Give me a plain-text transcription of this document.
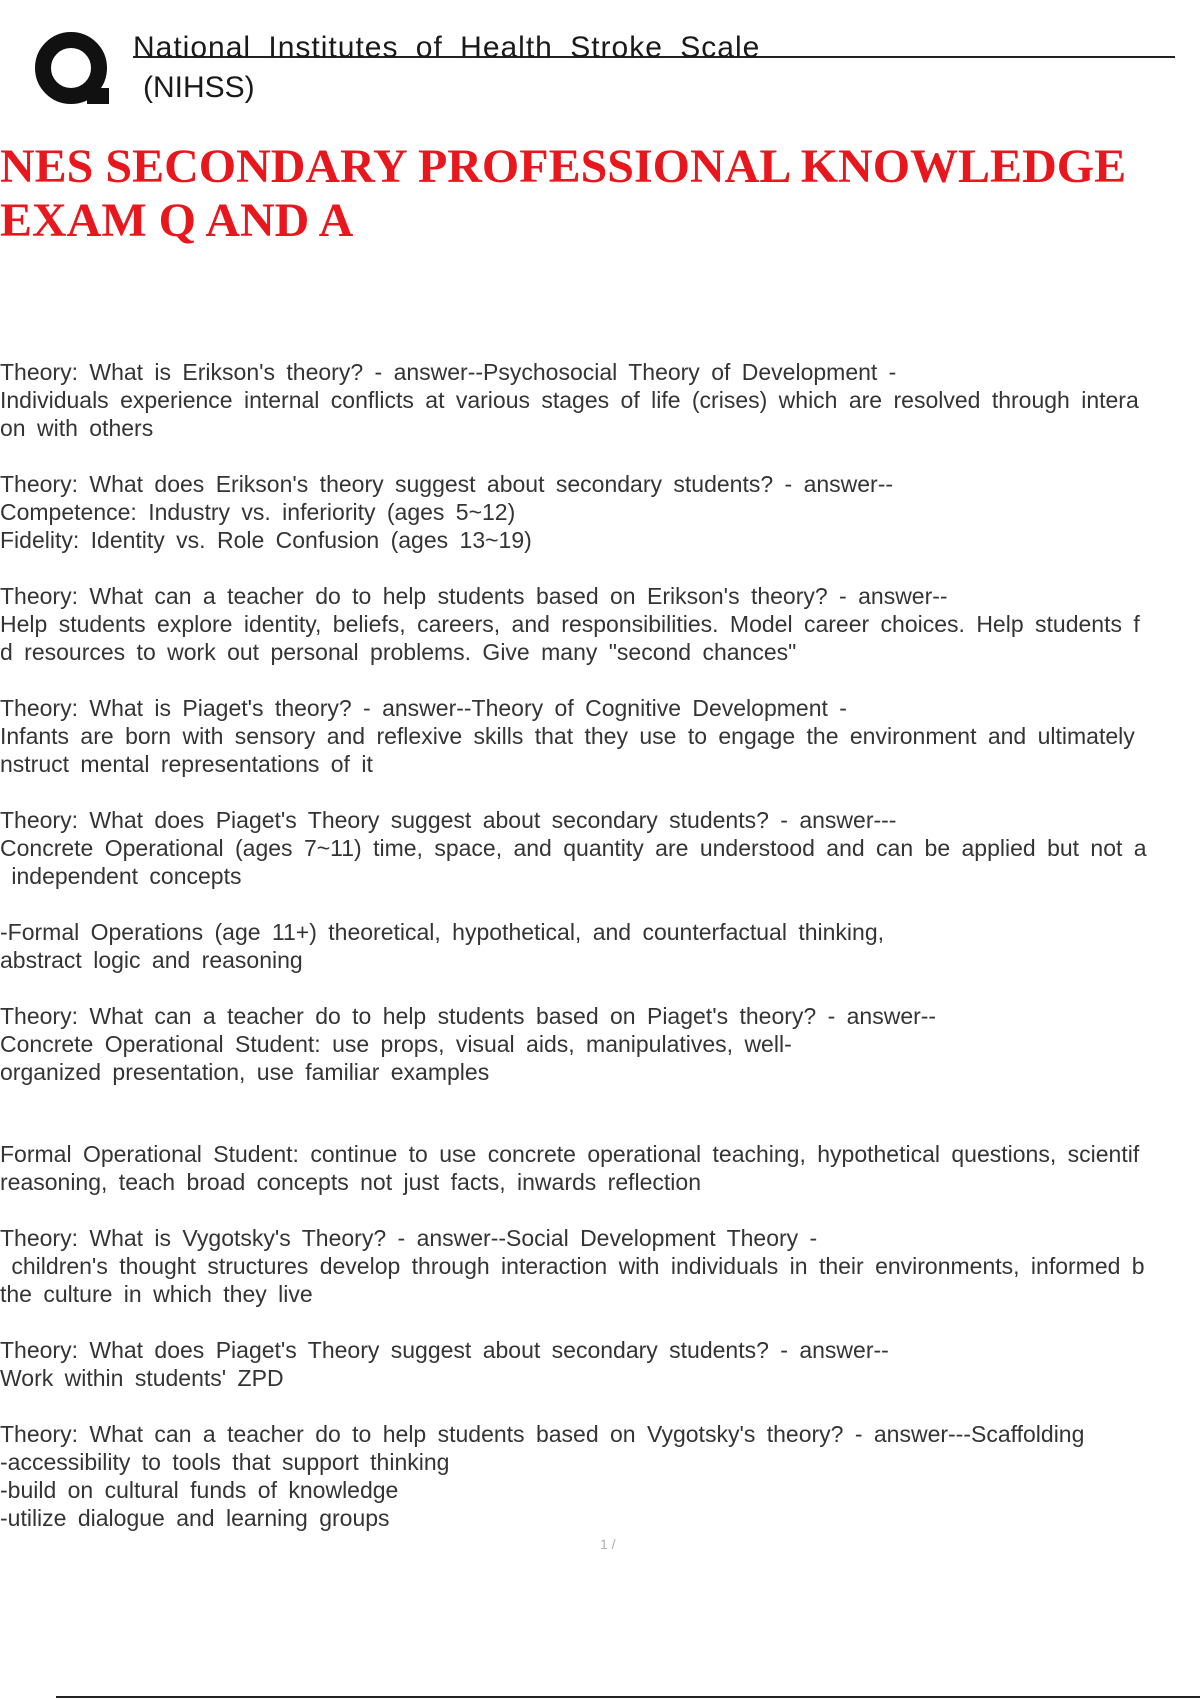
National Institutes of Health Stroke Scale

(NIHSS)

NES SECONDARY PROFESSIONAL KNOWLEDGE
EXAM Q AND A

Theory: What is Erikson's theory? - answer--Psychosocial Theory of Development -
Individuals experience internal conflicts at various stages of life (crises) which are resolved through intera
on with others

Theory: What does Erikson's theory suggest about secondary students? - answer--
Competence: Industry vs. inferiority (ages 5~12)
Fidelity: Identity vs. Role Confusion (ages 13~19)

Theory: What can a teacher do to help students based on Erikson's theory? - answer--
Help students explore identity, beliefs, careers, and responsibilities. Model career choices. Help students f
d resources to work out personal problems. Give many "second chances"

Theory: What is Piaget's theory? - answer--Theory of Cognitive Development -
Infants are born with sensory and reflexive skills that they use to engage the environment and ultimately
nstruct mental representations of it

Theory: What does Piaget's Theory suggest about secondary students? - answer---
Concrete Operational (ages 7~11) time, space, and quantity are understood and can be applied but not a
independent concepts

-Formal Operations (age 11+) theoretical, hypothetical, and counterfactual thinking,
abstract logic and reasoning

Theory: What can a teacher do to help students based on Piaget's theory? - answer--
Concrete Operational Student: use props, visual aids, manipulatives, well-
organized presentation, use familiar examples

Formal Operational Student: continue to use concrete operational teaching, hypothetical questions, scientif
reasoning, teach broad concepts not just facts, inwards reflection

Theory: What is Vygotsky's Theory? - answer--Social Development Theory -
children's thought structures develop through interaction with individuals in their environments, informed b
the culture in which they live

Theory: What does Piaget's Theory suggest about secondary students? - answer--
Work within students' ZPD

Theory: What can a teacher do to help students based on Vygotsky's theory? - answer---Scaffolding
-accessibility to tools that support thinking
-build on cultural funds of knowledge
-utilize dialogue and learning groups

1 /
